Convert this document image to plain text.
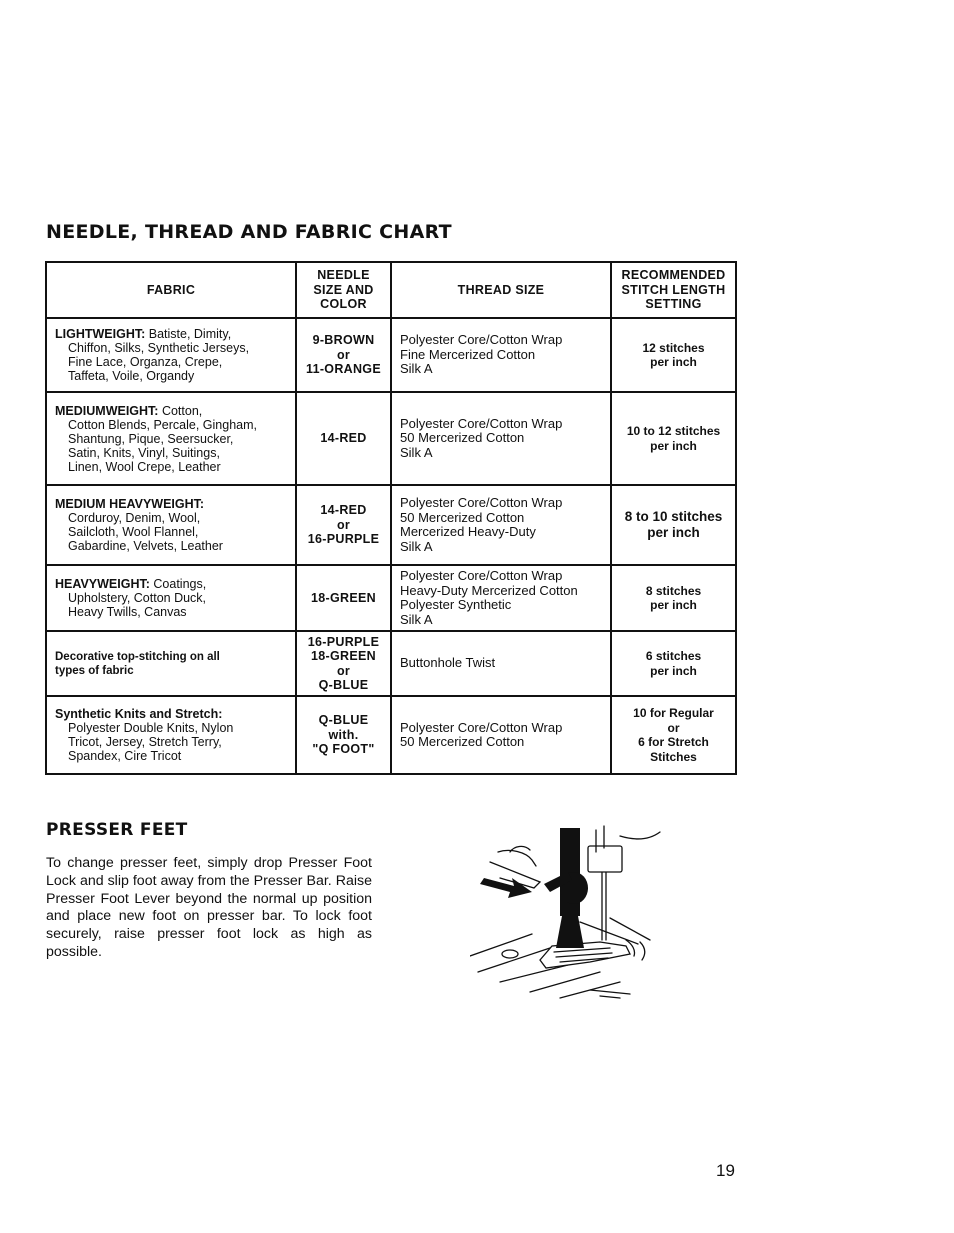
NEEDLE, THREAD AND FABRIC CHART
FABRIC
NEEDLE
SIZE AND
COLOR
THREAD SIZE
RECOMMENDED
STITCH LENGTH
SETTING
LIGHTWEIGHT: Batiste, Dimity,
Chiffon, Silks, Synthetic Jerseys,
Fine Lace, Organza, Crepe,
Taffeta, Voile, Organdy
9-BROWN
or
11-ORANGE
Polyester Core/Cotton Wrap
Fine Mercerized Cotton
Silk A
12 stitches
per inch
MEDIUMWEIGHT: Cotton,
Cotton Blends, Percale, Gingham,
Shantung, Pique, Seersucker,
Satin, Knits, Vinyl, Suitings,
Linen, Wool Crepe, Leather
14-RED
Polyester Core/Cotton Wrap
50 Mercerized Cotton
Silk A
10 to 12 stitches
per inch
MEDIUM HEAVYWEIGHT:
Corduroy, Denim, Wool,
Sailcloth, Wool Flannel,
Gabardine, Velvets, Leather
14-RED
or
16-PURPLE
Polyester Core/Cotton Wrap
50 Mercerized Cotton
Mercerized Heavy-Duty
Silk A
8 to 10 stitches
per inch
HEAVYWEIGHT: Coatings,
Upholstery, Cotton Duck,
Heavy Twills, Canvas
18-GREEN
Polyester Core/Cotton Wrap
Heavy-Duty Mercerized Cotton
Polyester Synthetic
Silk A
8 stitches
per inch
Decorative top-stitching on all
types of fabric
16-PURPLE
18-GREEN
or
Q-BLUE
Buttonhole Twist	6 stitches
per inch
Synthetic Knits and Stretch:
Polyester Double Knits, Nylon
Tricot, Jersey, Stretch Terry,
Spandex, Cire Tricot
Q-BLUE
with.
"Q FOOT"
Polyester Core/Cotton Wrap
50 Mercerized Cotton
10 for Regular
or
6 for Stretch
Stitches
PRESSER FEET
To change presser feet, simply drop Presser Foot Lock and slip foot away from the Presser Bar. Raise Presser Foot Lever beyond the normal up position and place new foot on presser bar. To lock foot securely, raise presser foot lock as high as possible.
19
